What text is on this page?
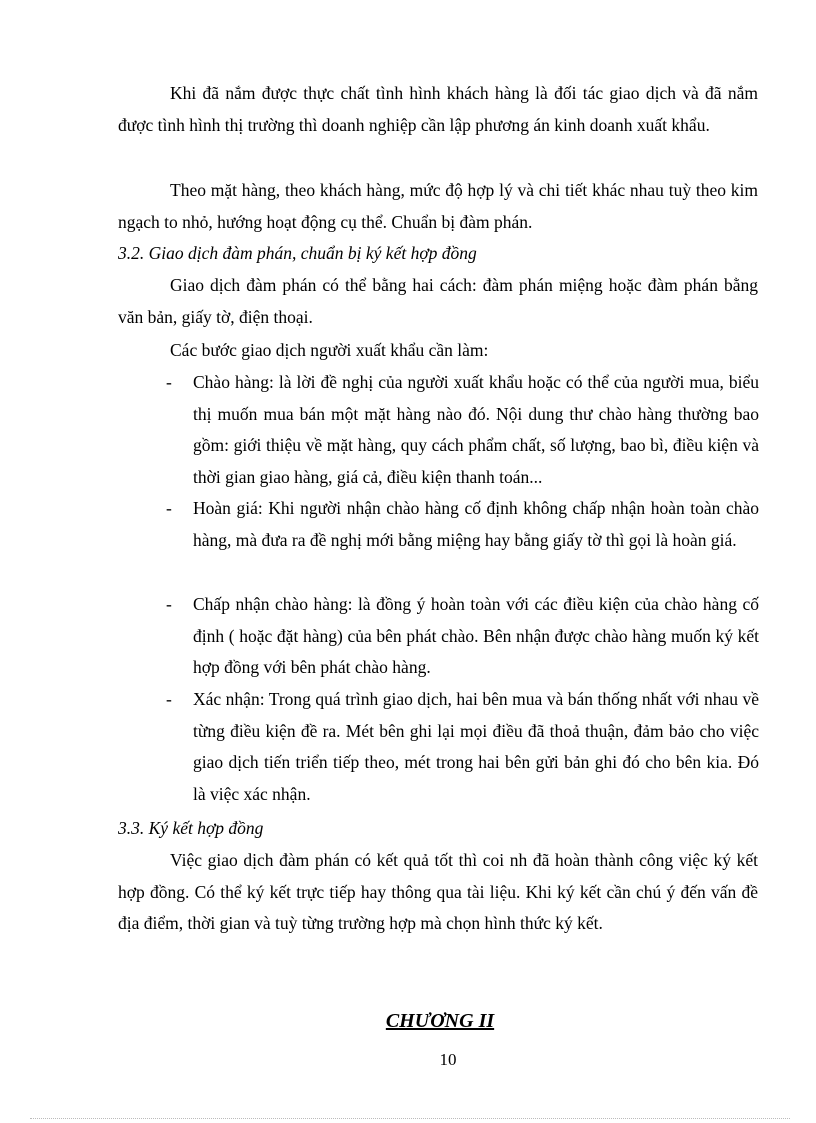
Khi đã nắm được thực chất tình hình khách hàng là đối tác giao dịch và đã nắm được tình hình thị trường thì doanh nghiệp cần lập phương án kinh doanh xuất khẩu.

Theo mặt hàng, theo khách hàng, mức độ hợp lý và chi tiết khác nhau tuỳ theo kim ngạch to nhỏ, hướng hoạt động cụ thể. Chuẩn bị đàm phán.

3.2. Giao dịch đàm phán, chuẩn bị ký kết hợp đồng

Giao dịch đàm phán có thể bằng hai cách: đàm phán miệng hoặc đàm phán bằng văn bản, giấy tờ, điện thoại.

Các bước giao dịch người xuất khẩu cần làm:

- Chào hàng: là lời đề nghị của người xuất khẩu hoặc có thể của người mua, biểu thị muốn mua bán một mặt hàng nào đó. Nội dung thư chào hàng thường bao gồm: giới thiệu về mặt hàng, quy cách phẩm chất, số lượng, bao bì, điều kiện và thời gian giao hàng, giá cả, điều kiện thanh toán...

- Hoàn giá: Khi người nhận chào hàng cố định không chấp nhận hoàn toàn chào hàng, mà đưa ra đề nghị mới bằng miệng hay bằng giấy tờ thì gọi là hoàn giá.

- Chấp nhận chào hàng: là đồng ý hoàn toàn với các điều kiện của chào hàng cố định ( hoặc đặt hàng) của bên phát chào. Bên nhận được chào hàng muốn ký kết hợp đồng với bên phát chào hàng.

- Xác nhận: Trong quá trình giao dịch, hai bên mua và bán thống nhất với nhau về từng điều kiện đề ra. Mét bên ghi lại mọi điều đã thoả thuận, đảm bảo cho việc giao dịch tiến triển tiếp theo, mét trong hai bên gửi bản ghi đó cho bên kia. Đó là việc xác nhận.

3.3. Ký kết hợp đồng

Việc giao dịch đàm phán có kết quả tốt thì coi nh đã hoàn thành công việc ký kết hợp đồng. Có thể ký kết trực tiếp hay thông qua tài liệu. Khi ký kết cần chú ý đến vấn đề địa điểm, thời gian và tuỳ từng trường hợp mà chọn hình thức ký kết.

CHƯƠNG II

10
